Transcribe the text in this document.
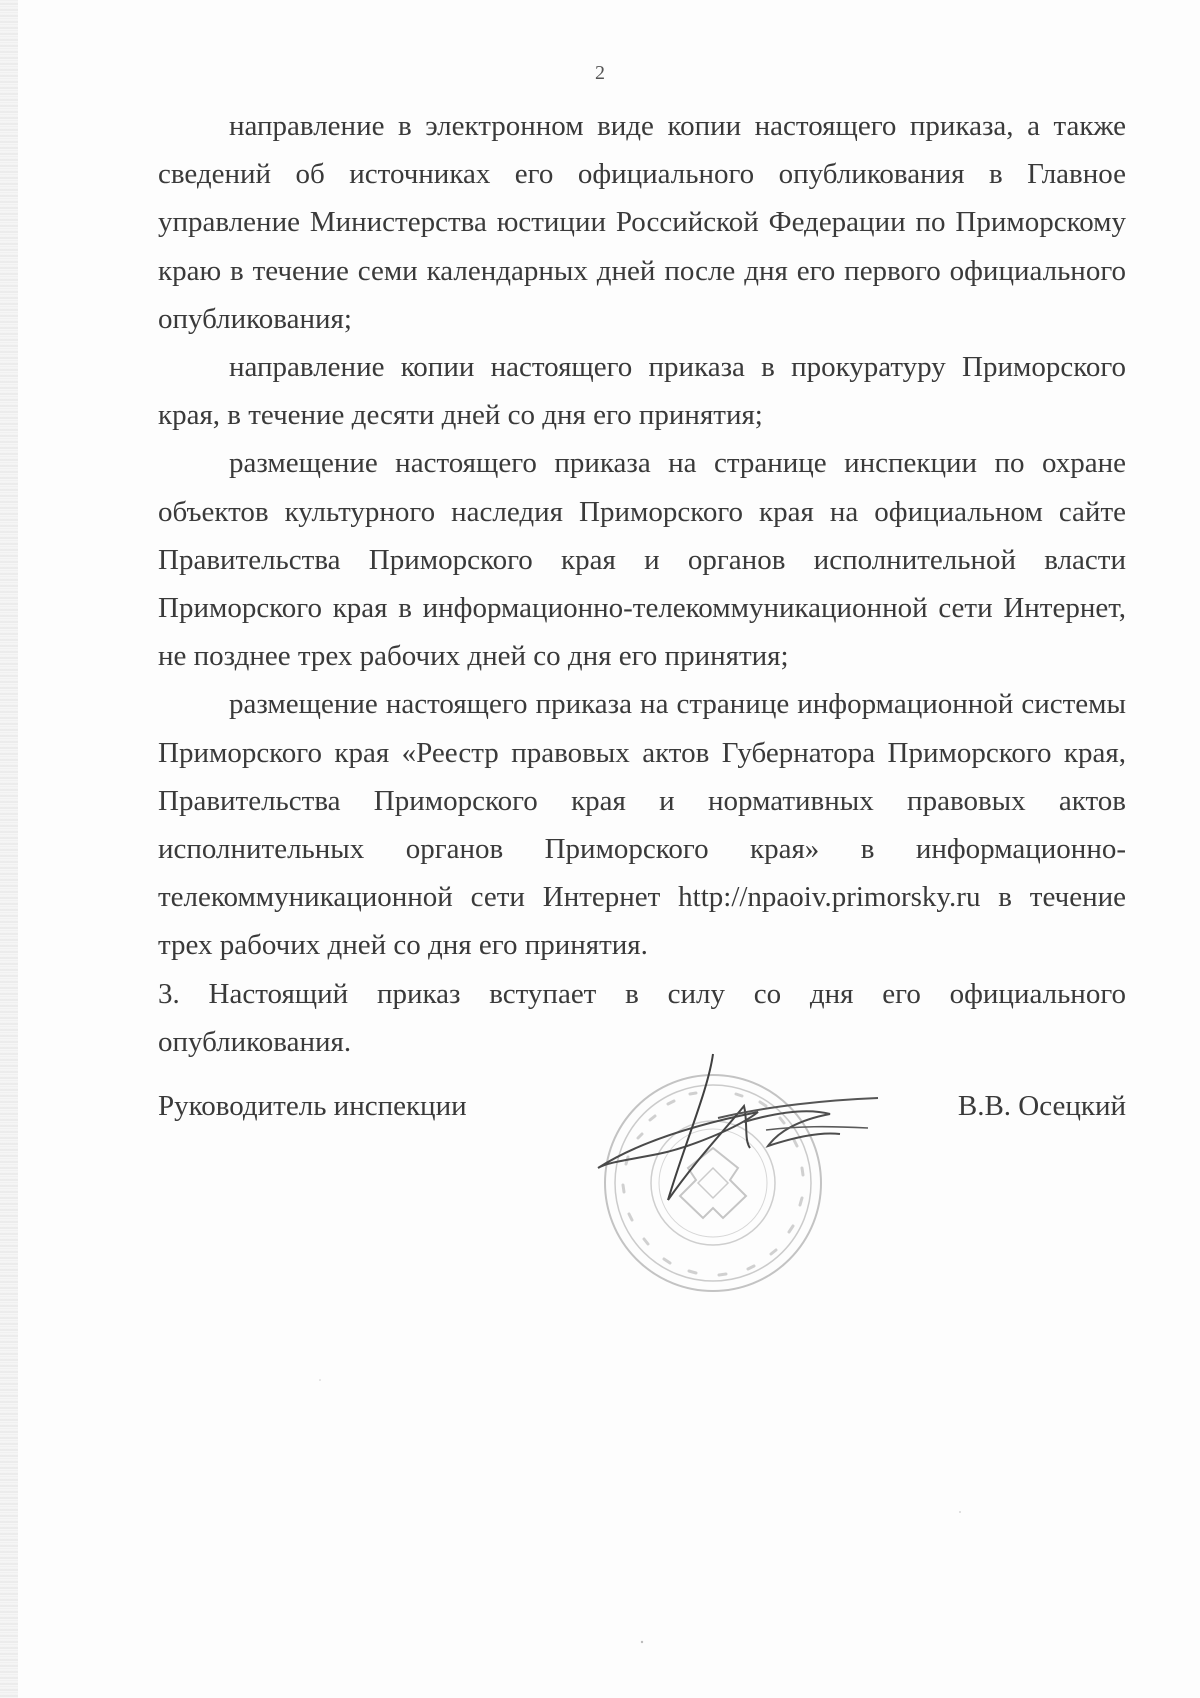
2

направление в электронном виде копии настоящего приказа, а также сведений об источниках его официального опубликования в Главное управление Министерства юстиции Российской Федерации по Приморскому краю в течение семи календарных дней после дня его первого официального опубликования;

направление копии настоящего приказа в прокуратуру Приморского края, в течение десяти дней со дня его принятия;

размещение настоящего приказа на странице инспекции по охране объектов культурного наследия Приморского края на официальном сайте Правительства Приморского края и органов исполнительной власти Приморского края в информационно-телекоммуникационной сети Интернет, не позднее трех рабочих дней со дня его принятия;

размещение настоящего приказа на странице информационной системы Приморского края «Реестр правовых актов Губернатора Приморского края, Правительства Приморского края и нормативных правовых актов исполнительных органов Приморского края» в информационно-телекоммуникационной сети Интернет http://npaoiv.primorsky.ru в течение трех рабочих дней со дня его принятия.

3. Настоящий приказ вступает в силу со дня его официального опубликования.

Руководитель инспекции	В.В. Осецкий
